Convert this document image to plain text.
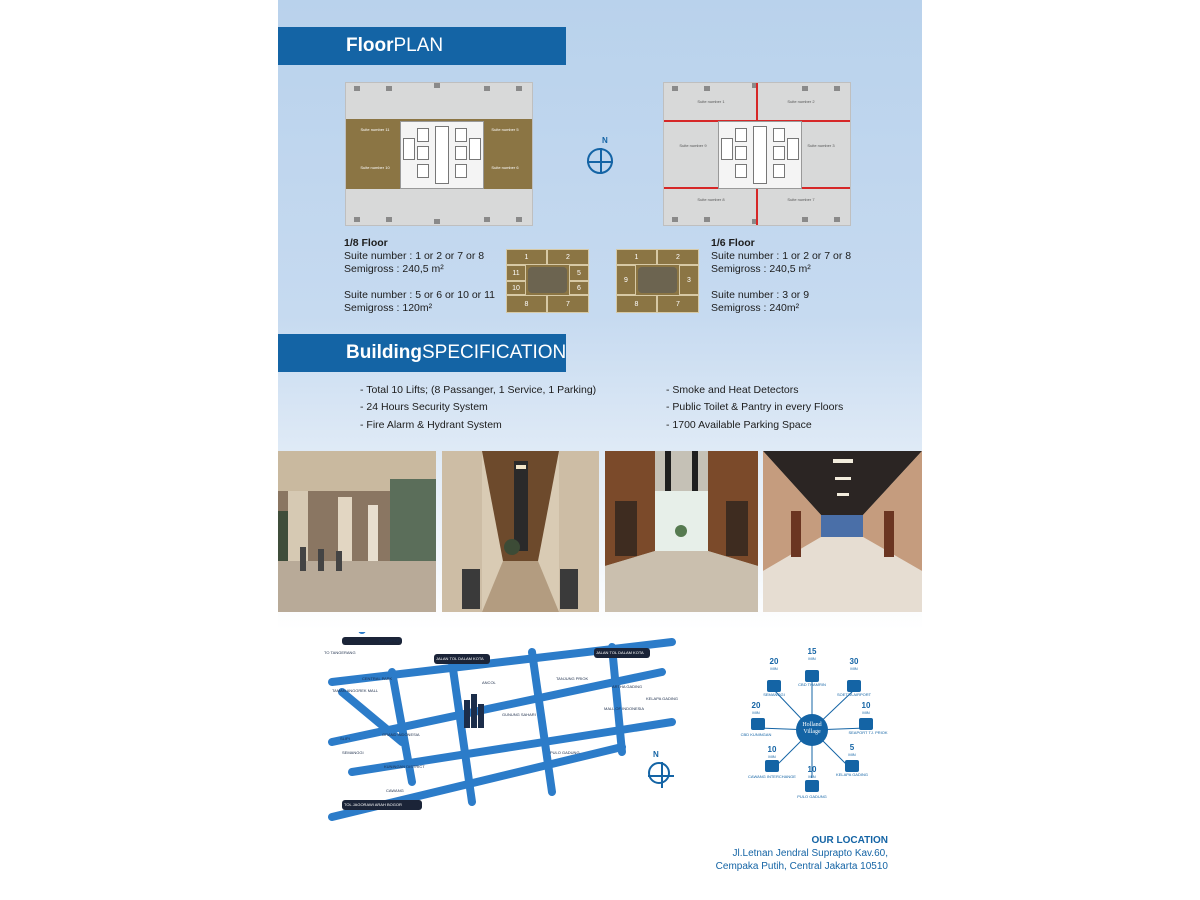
FloorPLAN
Suite number 11
Suite number 10
Suite number 5
Suite number 6
N
Suite number 1	Suite number 2
Suite number 9	Suite number 3
Suite number 8	Suite number 7
1/8 Floor
Suite number : 1 or 2 or 7 or 8
Semigross : 240,5 m²
Suite number : 5 or 6 or 10 or 11
Semigross : 120m²
1	2
11	5
10	6
8	7
1	2
9	3
8	7
1/6 Floor
Suite number : 1 or 2 or 7 or 8
Semigross : 240,5 m²
Suite number : 3 or 9
Semigross : 240m²
BuildingSPECIFICATION
- Total 10 Lifts; (8 Passanger, 1 Service, 1 Parking)
- 24 Hours Security System
- Fire Alarm & Hydrant System
- Smoke and Heat Detectors
- Public Toilet & Pantry in every Floors
- 1700 Available Parking Space
TO TANGERANG
TO AIRPORT
JALAN TOL DALAM KOTA
JALAN TOL DALAM KOTA
SLIPI
CENTRAL PARK
TAMAN ANGGREK MALL
ANCOL
TANJUNG PRIOK
GUNUNG SAHARI
ARTHA GADING
MALL OF INDONESIA
KELAPA GADING
GRAND INDONESIA
SEMANGGI
KUNINGAN DISTRICT
CAWANG
PULO GADUNG
TOL JAGORAWI ARAH BOGOR
N
Holland Village
15
MIN
CBD THAMRIN
30
MIN
SOETTA AIRPORT
10
MIN
SEAPORT TJ. PRIOK
5
MIN
KELAPA GADING
10
MIN
PULO GADUNG
10
MIN
CAWANG INTERCHANGE
20
MIN
CBD KUNINGAN
20
MIN
SEMANGGI
OUR LOCATION
Jl.Letnan Jendral Suprapto Kav.60,
Cempaka Putih, Central Jakarta 10510
